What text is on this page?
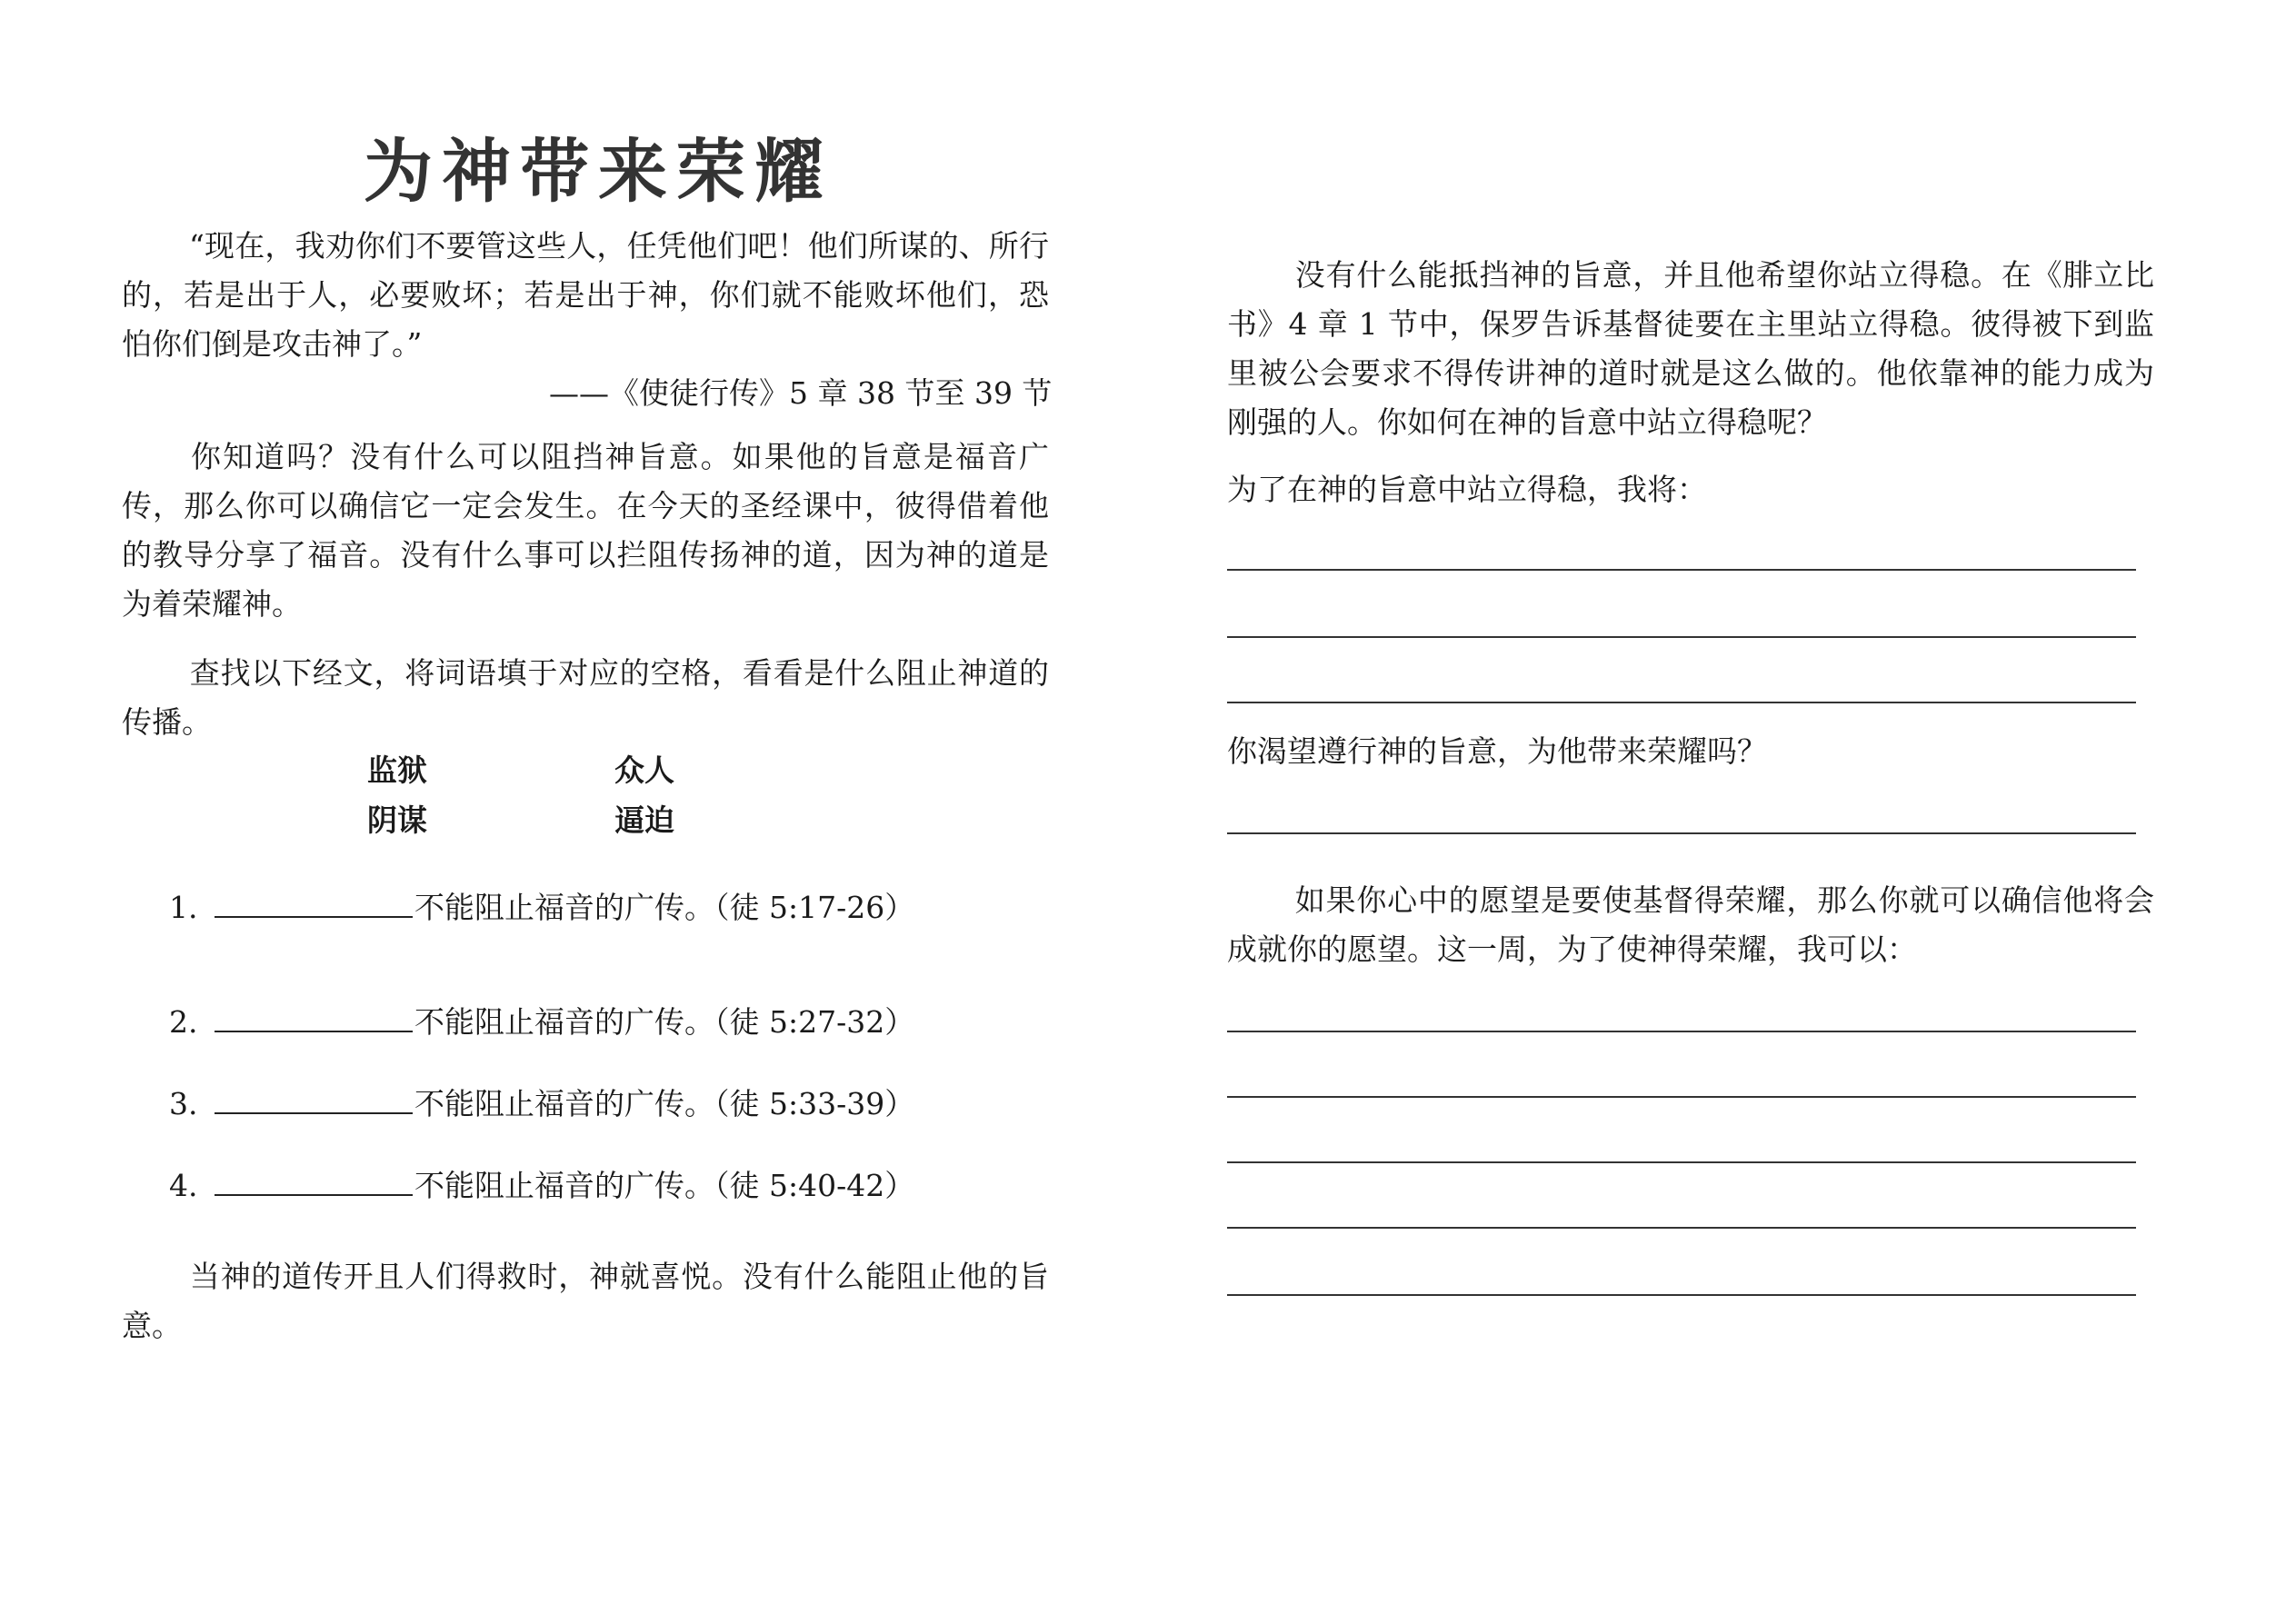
为神带来荣耀

“现在，我劝你们不要管这些人，任凭他们吧！他们所谋的、所行的，若是出于人，必要败坏；若是出于神，你们就不能败坏他们，恐怕你们倒是攻击神了。”

——《使徒行传》5 章 38 节至 39 节

你知道吗？没有什么可以阻挡神旨意。如果他的旨意是福音广传，那么你可以确信它一定会发生。在今天的圣经课中，彼得借着他的教导分享了福音。没有什么事可以拦阻传扬神的道，因为神的道是为着荣耀神。

查找以下经文，将词语填于对应的空格，看看是什么阻止神道的传播。

监狱	众人
阴谋	逼迫
1.	不能阻止福音的广传。（徒 5:17-26）
2.	不能阻止福音的广传。（徒 5:27-32）
3.	不能阻止福音的广传。（徒 5:33-39）
4.	不能阻止福音的广传。（徒 5:40-42）

当神的道传开且人们得救时，神就喜悦。没有什么能阻止他的旨意。

没有什么能抵挡神的旨意，并且他希望你站立得稳。在《腓立比书》4 章 1 节中，保罗告诉基督徒要在主里站立得稳。彼得被下到监里被公会要求不得传讲神的道时就是这么做的。他依靠神的能力成为刚强的人。你如何在神的旨意中站立得稳呢？

为了在神的旨意中站立得稳，我将：
你渴望遵行神的旨意，为他带来荣耀吗？

如果你心中的愿望是要使基督得荣耀，那么你就可以确信他将会成就你的愿望。这一周，为了使神得荣耀，我可以：
